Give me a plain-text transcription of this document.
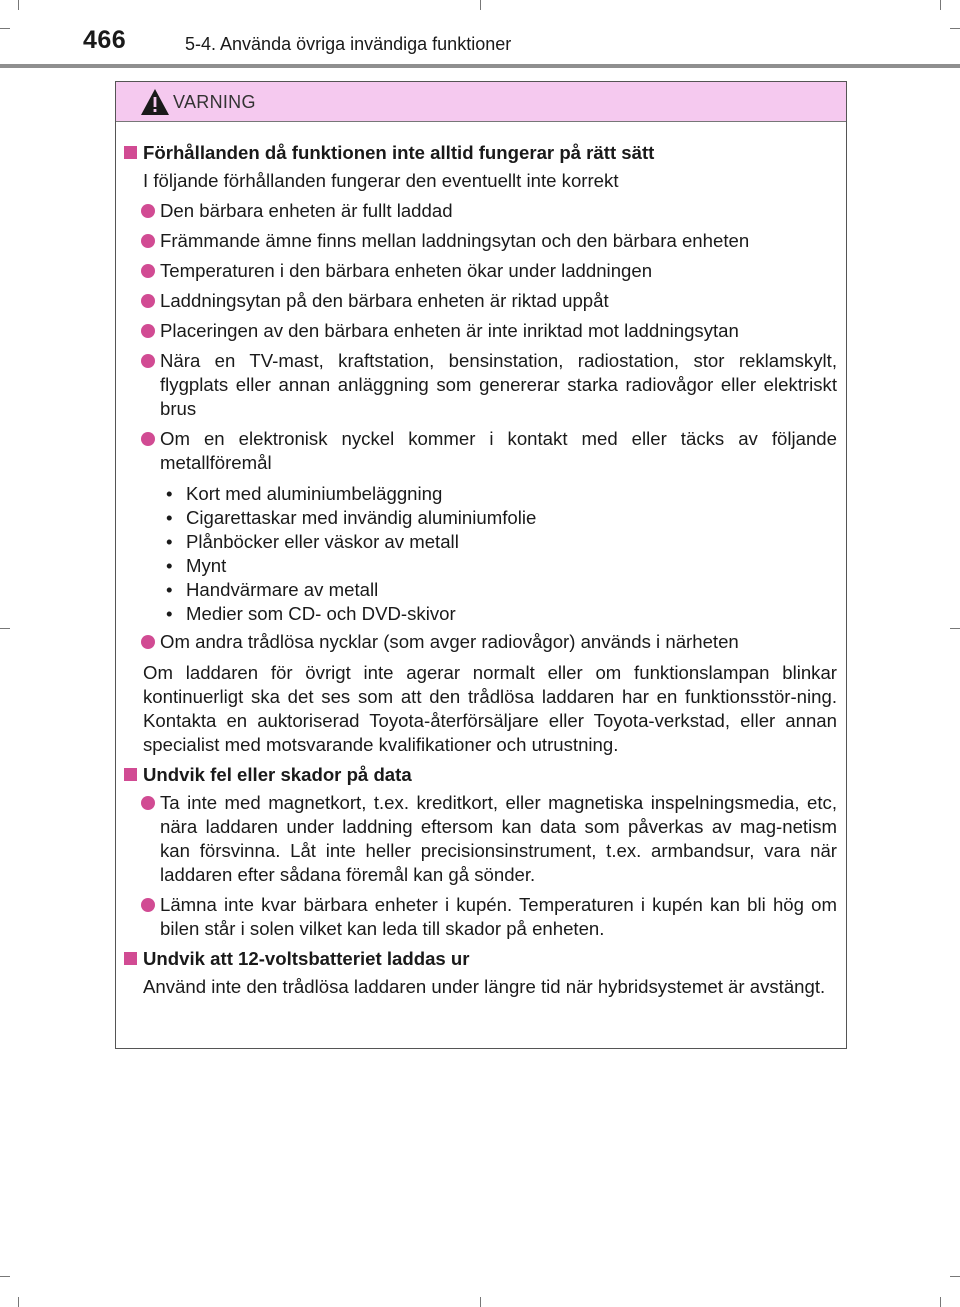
466	5-4. Använda övriga invändiga funktioner
VARNING
Förhållanden då funktionen inte alltid fungerar på rätt sätt
I följande förhållanden fungerar den eventuellt inte korrekt
Den bärbara enheten är fullt laddad
Främmande ämne finns mellan laddningsytan och den bärbara enheten
Temperaturen i den bärbara enheten ökar under laddningen
Laddningsytan på den bärbara enheten är riktad uppåt
Placeringen av den bärbara enheten är inte inriktad mot laddningsytan
Nära en TV-mast, kraftstation, bensinstation, radiostation, stor reklamskylt, flygplats eller annan anläggning som genererar starka radiovågor eller elektriskt brus
Om en elektronisk nyckel kommer i kontakt med eller täcks av följande metallföremål
• Kort med aluminiumbeläggning
• Cigarettaskar med invändig aluminiumfolie
• Plånböcker eller väskor av metall
• Mynt
• Handvärmare av metall
• Medier som CD- och DVD-skivor
Om andra trådlösa nycklar (som avger radiovågor) används i närheten
Om laddaren för övrigt inte agerar normalt eller om funktionslampan blinkar kontinuerligt ska det ses som att den trådlösa laddaren har en funktionsstör-ning. Kontakta en auktoriserad Toyota-återförsäljare eller Toyota-verkstad, eller annan specialist med motsvarande kvalifikationer och utrustning.
Undvik fel eller skador på data
Ta inte med magnetkort, t.ex. kreditkort, eller magnetiska inspelningsmedia, etc, nära laddaren under laddning eftersom kan data som påverkas av mag-netism kan försvinna. Låt inte heller precisionsinstrument, t.ex. armbandsur, vara när laddaren efter sådana föremål kan gå sönder.
Lämna inte kvar bärbara enheter i kupén. Temperaturen i kupén kan bli hög om bilen står i solen vilket kan leda till skador på enheten.
Undvik att 12-voltsbatteriet laddas ur
Använd inte den trådlösa laddaren under längre tid när hybridsystemet är avstängt.
